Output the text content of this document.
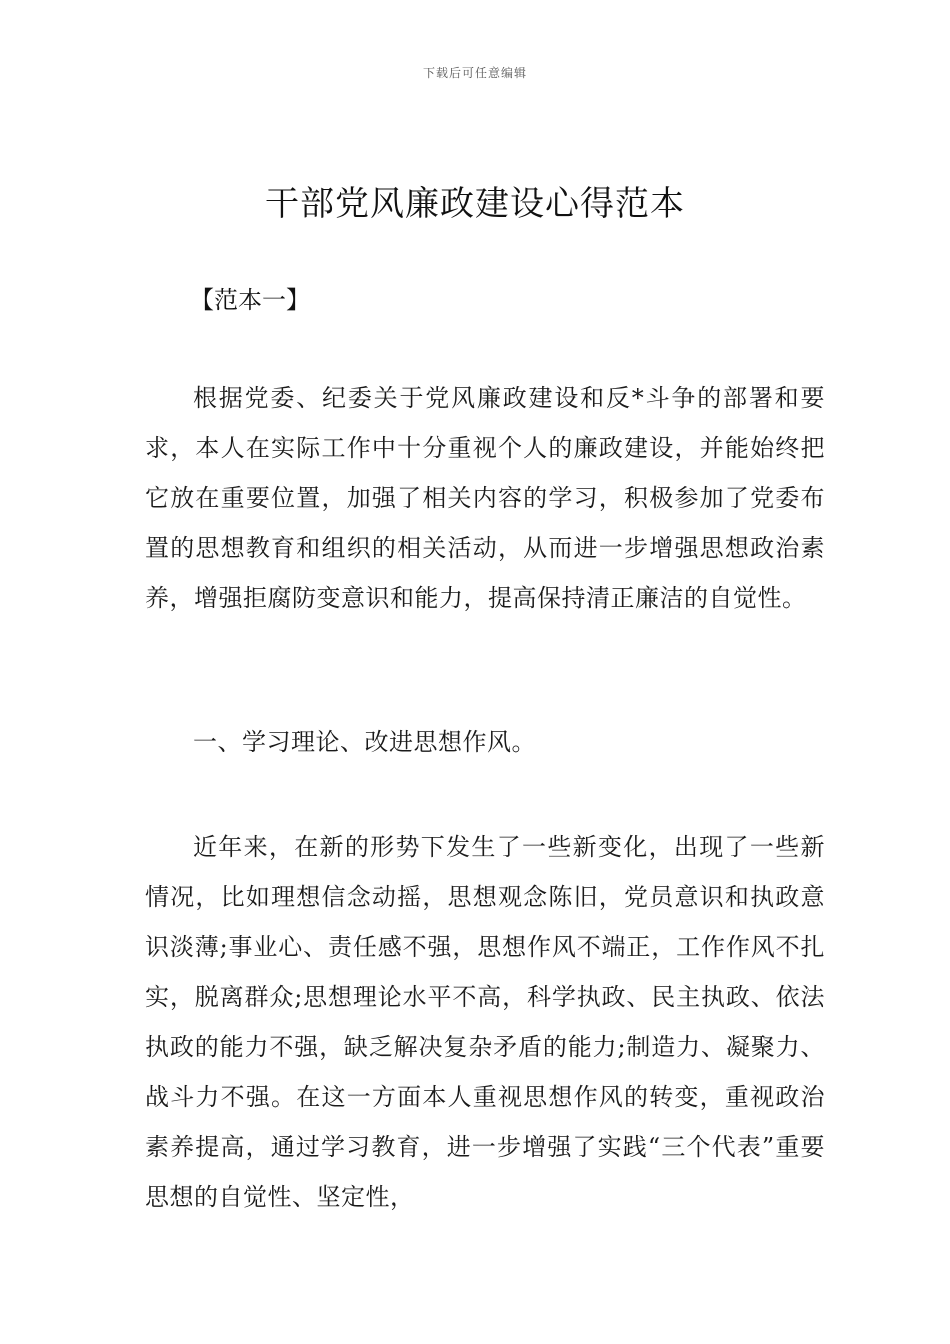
下载后可任意编辑
干部党风廉政建设心得范本
【范本一】

根据党委、纪委关于党风廉政建设和反*斗争的部署和要求，本人在实际工作中十分重视个人的廉政建设，并能始终把它放在重要位置，加强了相关内容的学习，积极参加了党委布置的思想教育和组织的相关活动，从而进一步增强思想政治素养，增强拒腐防变意识和能力，提高保持清正廉洁的自觉性。

一、学习理论、改进思想作风。

近年来，在新的形势下发生了一些新变化，出现了一些新情况，比如理想信念动摇，思想观念陈旧，党员意识和执政意识淡薄;事业心、责任感不强，思想作风不端正，工作作风不扎实，脱离群众;思想理论水平不高，科学执政、民主执政、依法执政的能力不强，缺乏解决复杂矛盾的能力;制造力、凝聚力、战斗力不强。在这一方面本人重视思想作风的转变，重视政治素养提高，通过学习教育，进一步增强了实践“三个代表”重要思想的自觉性、坚定性，
